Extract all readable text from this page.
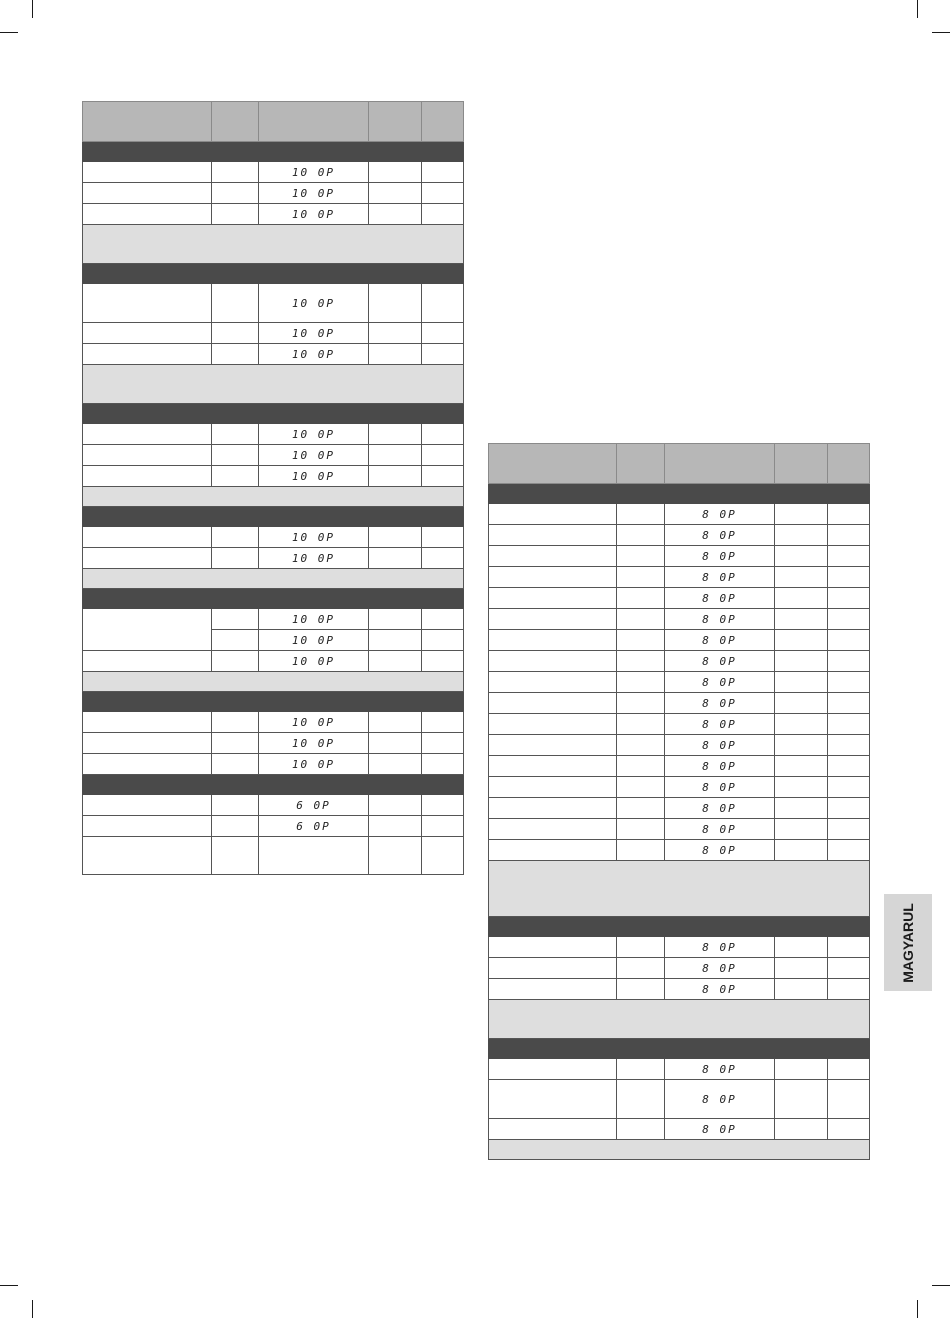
		10 0P		
		10 0P		
		10 0P		

		10 0P		
		10 0P		
		10 0P		

		10 0P		
		10 0P		
		10 0P		

		10 0P		
		10 0P		

		10 0P		
		10 0P		
		10 0P		

		10 0P		
		10 0P		
		10 0P		

		6 0P		
		6 0P		

		8 0P		
		8 0P		
		8 0P		
		8 0P		
		8 0P		
		8 0P		
		8 0P		
		8 0P		
		8 0P		
		8 0P		
		8 0P		
		8 0P		
		8 0P		
		8 0P		
		8 0P		
		8 0P		
		8 0P		

		8 0P		
		8 0P		
		8 0P		

		8 0P		
		8 0P		
		8 0P		

MAGYARUL
